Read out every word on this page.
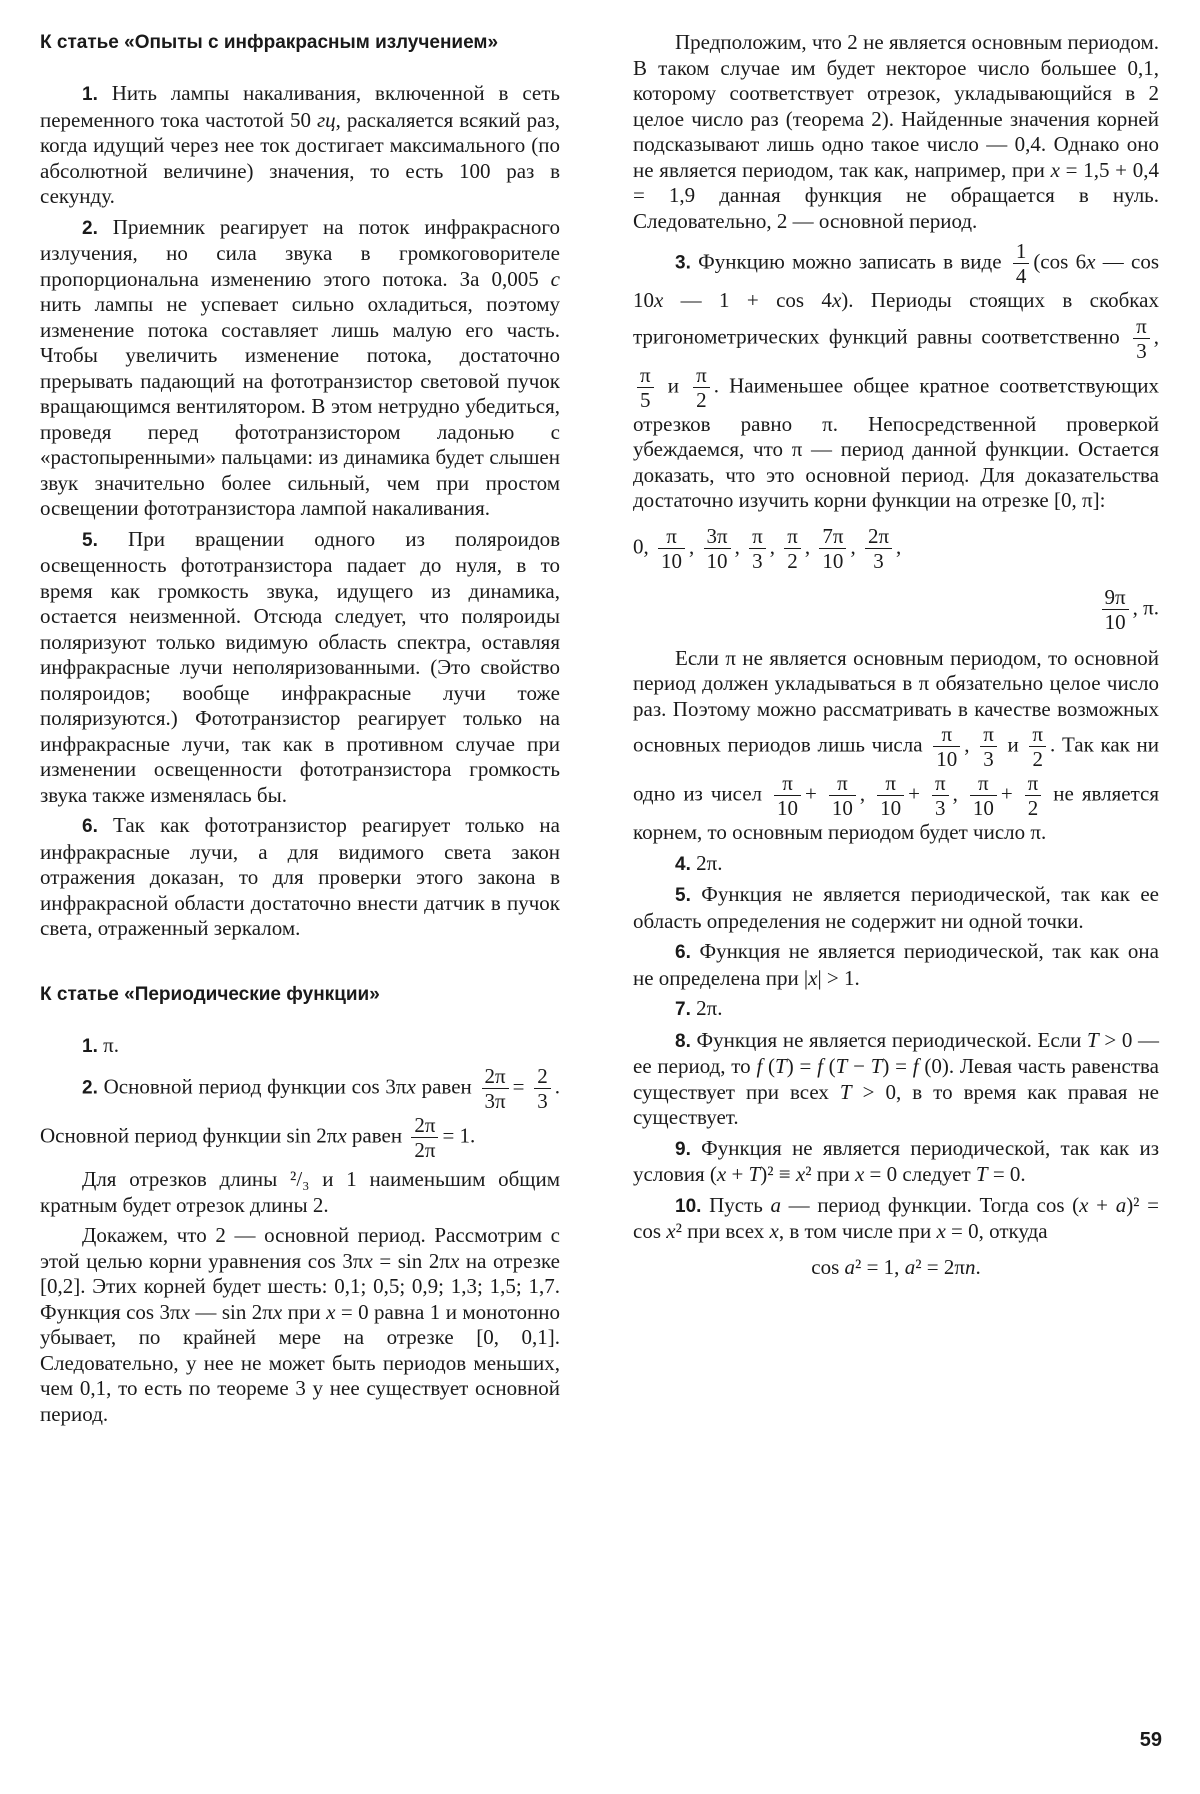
К статье «Опыты с инфракрасным излучением»
1. Нить лампы накаливания, включенной в сеть переменного тока частотой 50 гц, раскаляется всякий раз, когда идущий через нее ток достигает максимального (по абсолютной величине) значения, то есть 100 раз в секунду.
2. Приемник реагирует на поток инфракрасного излучения, но сила звука в громкоговорителе пропорциональна изменению этого потока. За 0,005 с нить лампы не успевает сильно охладиться, поэтому изменение потока составляет лишь малую его часть. Чтобы увеличить изменение потока, достаточно прерывать падающий на фототранзистор световой пучок вращающимся вентилятором. В этом нетрудно убедиться, проведя перед фототранзистором ладонью с «растопыренными» пальцами: из динамика будет слышен звук значительно более сильный, чем при простом освещении фототранзистора лампой накаливания.
5. При вращении одного из поляроидов освещенность фототранзистора падает до нуля, в то время как громкость звука, идущего из динамика, остается неизменной. Отсюда следует, что поляроиды поляризуют только видимую область спектра, оставляя инфракрасные лучи неполяризованными. (Это свойство поляроидов; вообще инфракрасные лучи тоже поляризуются.) Фототранзистор реагирует только на инфракрасные лучи, так как в противном случае при изменении освещенности фототранзистора громкость звука также изменялась бы.
6. Так как фототранзистор реагирует только на инфракрасные лучи, а для видимого света закон отражения доказан, то для проверки этого закона в инфракрасной области достаточно внести датчик в пучок света, отраженный зеркалом.
К статье «Периодические функции»
1. π.
2. Основной период функции cos 3πx равен $\frac{2\pi}{3\pi} = \frac{2}{3}$ . Основной период функции sin 2πx равен $\frac{2\pi}{2\pi} = 1$.
Для отрезков длины ²/₃ и 1 наименьшим общим кратным будет отрезок длины 2.
Докажем, что 2 — основной период. Рассмотрим с этой целью корни уравнения cos 3πx = sin 2πx на отрезке [0,2]. Этих корней будет шесть: 0,1; 0,5; 0,9; 1,3; 1,5; 1,7. Функция cos 3πx — sin 2πx при x = 0 равна 1 и монотонно убывает, по крайней мере на отрезке [0, 0,1]. Следовательно, у нее не может быть периодов меньших, чем 0,1, то есть по теореме 3 у нее существует основной период.
Предположим, что 2 не является основным периодом. В таком случае им будет некторое число большее 0,1, которому соответствует отрезок, укладывающийся в 2 целое число раз (теорема 2). Найденные значения корней подсказывают лишь одно такое число — 0,4. Однако оно не является периодом, так как, например, при x = 1,5 + 0,4 = 1,9 данная функция не обращается в нуль. Следовательно, 2 — основной период.
3. Функцию можно записать в виде $\frac{1}{4} (\cos$ 6x — cos 10x — 1 + cos 4x). Периоды стоящих в скобках тригонометрических функций равны соответственно $\frac{\pi}{3}$ ,
$\frac{\pi}{5}$ и $\frac{\pi}{2}$ . Наименьшее общее кратное соответствующих отрезков равно π. Непосредственной проверкой убеждаемся, что π — период данной функции. Остается доказать, что это основной период. Для доказательства достаточно изучить корни функции на отрезке [0, π]:
0, $\frac{\pi}{10}$ , $\frac{3\pi}{10}$ , $\frac{\pi}{3}$ , $\frac{\pi}{2}$ , $\frac{7\pi}{10}$ , $\frac{2\pi}{3}$ ,
$\frac{9\pi}{10}$ , π.
Если π не является основным периодом, то основной период должен укладываться в π обязательно целое число раз. Поэтому можно рассматривать в качестве возможных основных периодов лишь числа $\frac{\pi}{10}$ , $\frac{\pi}{3}$ и $\frac{\pi}{2}$ . Так как ни одно из чисел $\frac{\pi}{10} + \frac{\pi}{10}$ , $\frac{\pi}{10} + \frac{\pi}{3}$ , $\frac{\pi}{10} + \frac{\pi}{2}$ не является корнем, то основным периодом будет число π.
4. 2π.
5. Функция не является периодической, так как ее область определения не содержит ни одной точки.
6. Функция не является периодической, так как она не определена при |x| > 1.
7. 2π.
8. Функция не является периодической. Если T > 0 — ее период, то f (T) = f (T − T) = f (0). Левая часть равенства существует при всех T > 0, в то время как правая не существует.
9. Функция не является периодической, так как из условия (x + T)² ≡ x² при x = 0 следует T = 0.
10. Пусть a — период функции. Тогда cos (x + a)² = cos x² при всех x, в том числе при x = 0, откуда
cos a² = 1, a² = 2πn.
59
